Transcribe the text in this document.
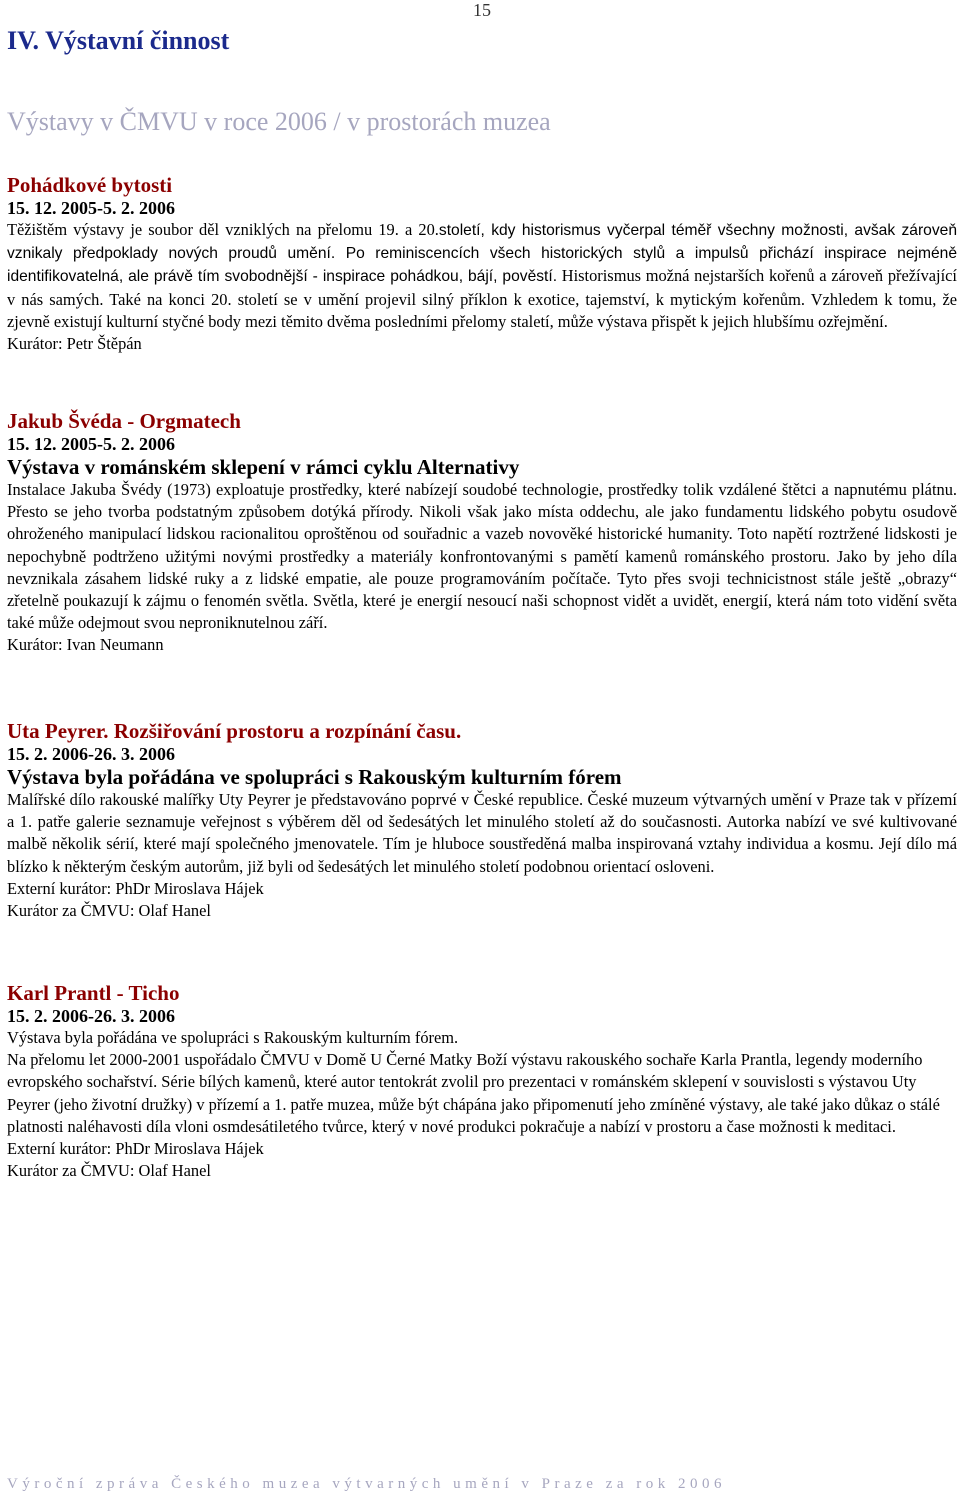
15
IV. Výstavní činnost
Výstavy v ČMVU v roce 2006 / v prostorách muzea

Pohádkové bytosti

15. 12. 2005-5. 2. 2006

Těžištěm výstavy je soubor děl vzniklých na přelomu 19. a 20.století, kdy historismus vyčerpal téměř všechny možnosti, avšak zároveň vznikaly předpoklady nových proudů umění. Po reminiscencích všech historických stylů a impulsů přichází inspirace nejméně identifikovatelná, ale právě tím svobodnější - inspirace pohádkou, bájí, pověstí. Historismus možná nejstarších kořenů a zároveň přežívající v nás samých. Také na konci 20. století se v umění projevil silný příklon k exotice, tajemství, k mytickým kořenům. Vzhledem k tomu, že zjevně existují kulturní styčné body mezi těmito dvěma posledními přelomy staletí, může výstava přispět k jejich hlubšímu ozřejmění.

Kurátor: Petr Štěpán

Jakub Švéda - Orgmatech

15. 12. 2005-5. 2. 2006

Výstava v románském sklepení v rámci cyklu Alternativy

Instalace Jakuba Švédy (1973) exploatuje prostředky, které nabízejí soudobé technologie, prostředky tolik vzdálené štětci a napnutému plátnu. Přesto se jeho tvorba podstatným způsobem dotýká přírody. Nikoli však jako místa oddechu, ale jako fundamentu lidského pobytu osudově ohroženého manipulací lidskou racionalitou oproštěnou od souřadnic a vazeb novověké historické humanity. Toto napětí roztržené lidskosti je nepochybně podtrženo užitými novými prostředky a materiály konfrontovanými s pamětí kamenů románského prostoru. Jako by jeho díla nevznikala zásahem lidské ruky a z lidské empatie, ale pouze programováním počítače. Tyto přes svoji technicistnost stále ještě „obrazy“ zřetelně poukazují k zájmu o fenomén světla. Světla, které je energií nesoucí naši schopnost vidět a uvidět, energií, která nám toto vidění světa také může odejmout svou neproniknutelnou září.

Kurátor: Ivan Neumann

Uta Peyrer. Rozšiřování prostoru a rozpínání času.

15. 2. 2006-26. 3. 2006

Výstava byla pořádána ve spolupráci s Rakouským kulturním fórem

Malířské dílo rakouské malířky Uty Peyrer je představováno poprvé v České republice. České muzeum výtvarných umění v Praze tak v přízemí a 1. patře galerie seznamuje veřejnost s výběrem děl od šedesátých let minulého století až do současnosti. Autorka nabízí ve své kultivované malbě několik sérií, které mají společného jmenovatele. Tím je hluboce soustředěná malba inspirovaná vztahy individua a kosmu. Její dílo má blízko k některým českým autorům, již byli od šedesátých let minulého století podobnou orientací osloveni.

Externí kurátor: PhDr Miroslava Hájek

Kurátor za ČMVU: Olaf Hanel

Karl Prantl - Ticho

15. 2. 2006-26. 3. 2006

Výstava byla pořádána ve spolupráci s Rakouským kulturním fórem.

Na přelomu let 2000-2001 uspořádalo ČMVU v Domě U Černé Matky Boží výstavu rakouského sochaře Karla Prantla, legendy moderního evropského sochařství. Série bílých kamenů, které autor tentokrát zvolil pro prezentaci v románském sklepení v souvislosti s výstavou Uty Peyrer (jeho životní družky) v přízemí a 1. patře muzea, může být chápána jako připomenutí jeho zmíněné výstavy, ale také jako důkaz o stálé platnosti naléhavosti díla vloni osmdesátiletého tvůrce, který v nové produkci pokračuje a nabízí v prostoru a čase možnosti k meditaci.

Externí kurátor: PhDr Miroslava Hájek

Kurátor za ČMVU: Olaf Hanel

Výroční zpráva Českého muzea výtvarných umění v Praze za rok 2006
